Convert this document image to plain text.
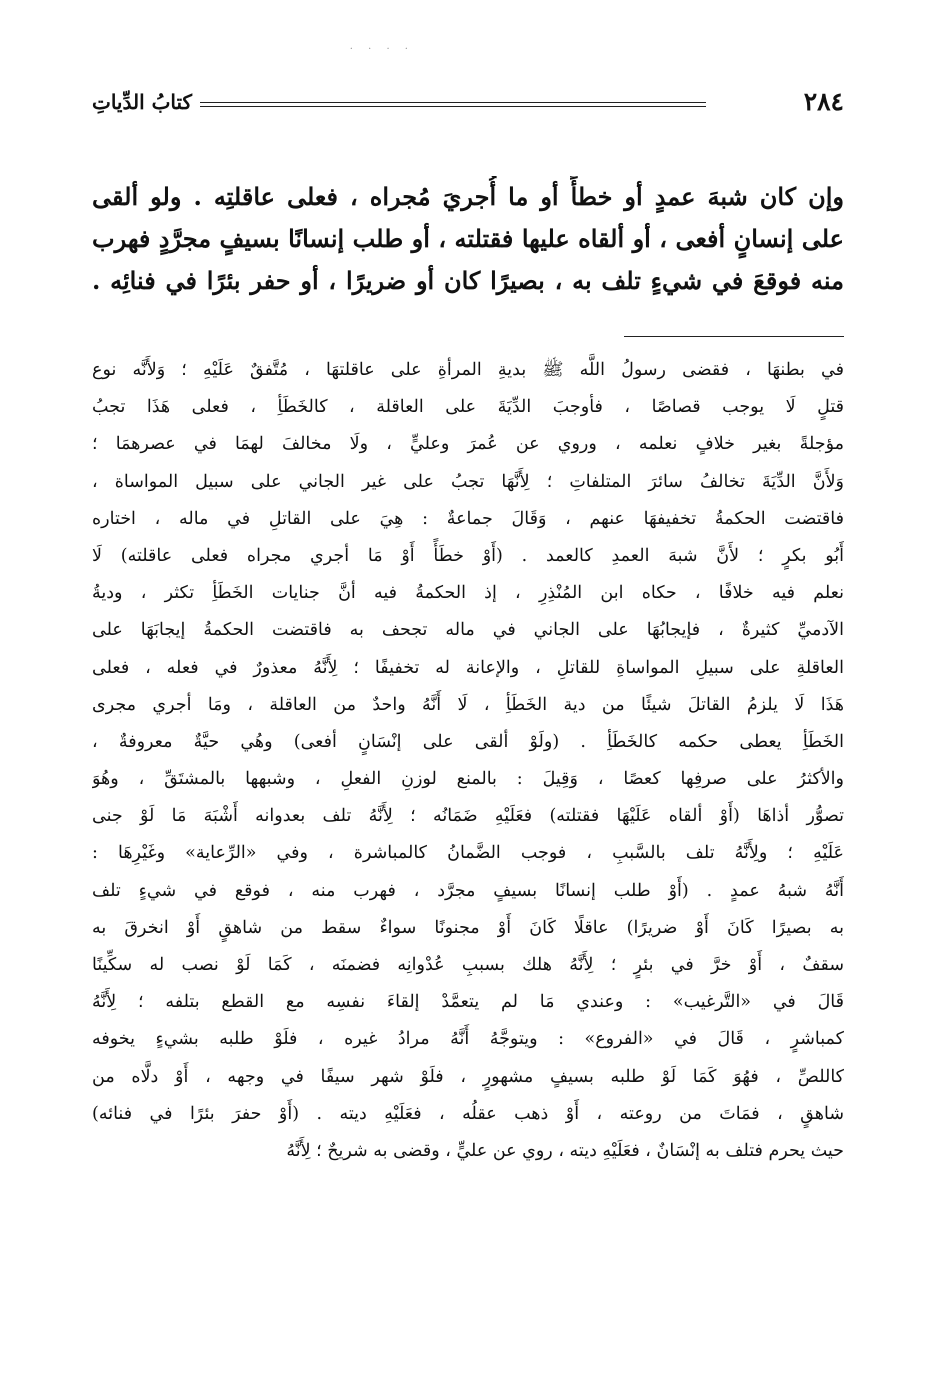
· · · ·
٢٨٤
كتابُ الدِّياتِ
وإن كان شبهَ عمدٍ أو خطأً أو ما أُجريَ مُجراه ، فعلى عاقلتِه . ولو ألقى
على إنسانٍ أفعى ، أو ألقاه عليها فقتلته ، أو طلب إنسانًا بسيفٍ مجرَّدٍ فهرب
منه فوقعَ في شيءٍ تلف به ، بصيرًا كان أو ضريرًا ، أو حفر بئرًا في فنائِه .
في بطنهَا ، فقضى رسولُ اللَّه ﷺ بديةِ المرأةِ على عاقلتهَا ، مُتَّفقٌ عَلَيْهِ ؛ وَلأَنَّه نوع
قتلٍ لَا يوجب قصاصًا ، فأوجبَ الدِّيَةَ على العاقلة ، كالخَطَأِ ، فعلى هَذَا تجبُ
مؤجلةً بغير خلافٍ نعلمه ، وروي عن عُمرَ وعليٍّ ، ولَا مخالفَ لهمَا في عصرهمَا ؛
وَلأَنَّ الدِّيَةَ تخالفُ سائرَ المتلفاتِ ؛ لِأَنَّهَا تجبُ على غير الجاني على سبيل المواساة ،
فاقتضت الحكمةُ تخفيفهَا عنهم ، وَقَالَ جماعةٌ : هِيَ على القاتلِ في ماله ، اختاره
أَبُو بكرٍ ؛ لأَنَّ شبهَ العمدِ كالعمد . (أَوْ خطَأً أَوْ مَا أجري مجراه فعلى عاقلته) لَا
نعلم فيه خلافًا ، حكاه ابن المُنْذِرِ ، إذ الحكمةُ فيه أنَّ جنايات الخَطَأِ تكثر ، وديةُ
الآدميِّ كثيرةٌ ، فإيجابُهَا على الجاني في ماله تجحف به فاقتضت الحكمةُ إيجابَهَا على
العاقلةِ على سبيلِ المواساةِ للقاتلِ ، والإعانة له تخفيفًا ؛ لِأَنَّهُ معذورٌ في فعله ، فعلى
هَذَا لَا يلزمُ القاتلَ شيئًا من دية الخَطَأِ ، لَا أَنَّهُ واحدٌ من العاقلة ، ومَا أجري مجرى
الخَطَأِ يعطى حكمه كالخَطَأِ . (ولَوْ ألقى على إنْسَانٍ أفعى) وهُي حيَّةٌ معروفةٌ ،
والأكثرُ على صرفِها كعصًا ، وَقِيلَ : بالمنع لوزنِ الفعلِ ، وشبهها بالمشتَقِّ ، وهُوَ
تصوُّر أذاهَا (أَوْ ألقاه عَلَيْهَا فقتلته) فعَلَيْهِ ضَمَانُه ؛ لِأَنَّهُ تلف بعدوانه أَشْبَهَ مَا لَوْ جنى
عَلَيْهِ ؛ ولِأَنَّهُ تلف بالسَّببِ ، فوجب الضَّمانُ كالمباشرة ، وفي «الرِّعاية» وغَيْرِهَا :
أَنَّهُ شبهُ عمدٍ . (أَوْ طلب إنسانًا بسيفٍ مجرَّد ، فهرب منه ، فوقع في شيءٍ تلف
به بصيرًا كَانَ أَوْ ضريرًا) عاقلًا كَانَ أَوْ مجنونًا سواءٌ سقط من شاهقٍ أَوْ انخرقَ به
سقفٌ ، أَوْ خرَّ في بئرٍ ؛ لِأَنَّهُ هلك بسببِ عُدْوانِه فضمنَه ، كَمَا لَوْ نصب له سكِّينًا
قَالَ في «التَّرغيب» : وعندي مَا لم يتعمَّدْ إلقاءَ نفسِه مع القطع بتلفه ؛ لِأَنَّهُ
كمباشرٍ ، قَالَ في «الفروع» : ويتوجَّهُ أَنَّهُ مرادُ غيره ، فلَوْ طلبه بشيءٍ يخوفه
كاللصِّ ، فهُوَ كَمَا لَوْ طلبه بسيفٍ مشهورٍ ، فلَوْ شهر سيفًا في وجهه ، أَوْ دلَّاه من
شاهقٍ ، فمَاتَ من روعته ، أَوْ ذهب عقلُه ، فعَلَيْهِ ديته . (أَوْ حفرَ بئرًا في فنائه)
حيث يحرم فتلف به إنْسَانٌ ، فعَلَيْهِ ديته ، روي عن عليٍّ ، وقضى به شريحٌ ؛ لِأَنَّهُ
